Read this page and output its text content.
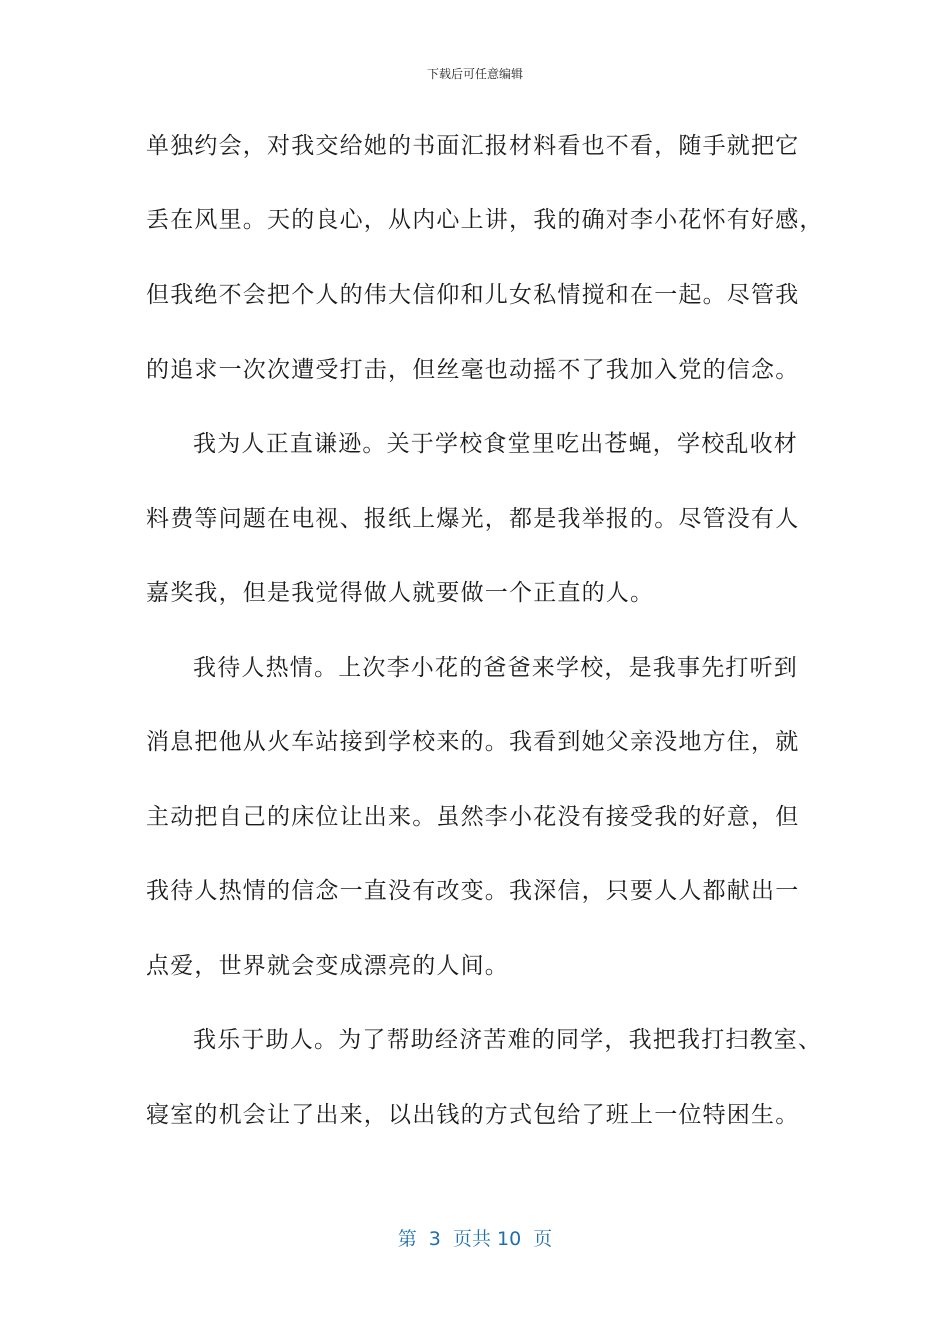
下载后可任意编辑
单独约会，对我交给她的书面汇报材料看也不看，随手就把它
丢在风里。天的良心，从内心上讲，我的确对李小花怀有好感，
但我绝不会把个人的伟大信仰和儿女私情搅和在一起。尽管我
的追求一次次遭受打击，但丝毫也动摇不了我加入党的信念。
我为人正直谦逊。关于学校食堂里吃出苍蝇，学校乱收材
料费等问题在电视、报纸上爆光，都是我举报的。尽管没有人
嘉奖我，但是我觉得做人就要做一个正直的人。
我待人热情。上次李小花的爸爸来学校，是我事先打听到
消息把他从火车站接到学校来的。我看到她父亲没地方住，就
主动把自己的床位让出来。虽然李小花没有接受我的好意，但
我待人热情的信念一直没有改变。我深信，只要人人都献出一
点爱，世界就会变成漂亮的人间。
我乐于助人。为了帮助经济苦难的同学，我把我打扫教室、
寝室的机会让了出来，以出钱的方式包给了班上一位特困生。
第  3  页共 10  页
